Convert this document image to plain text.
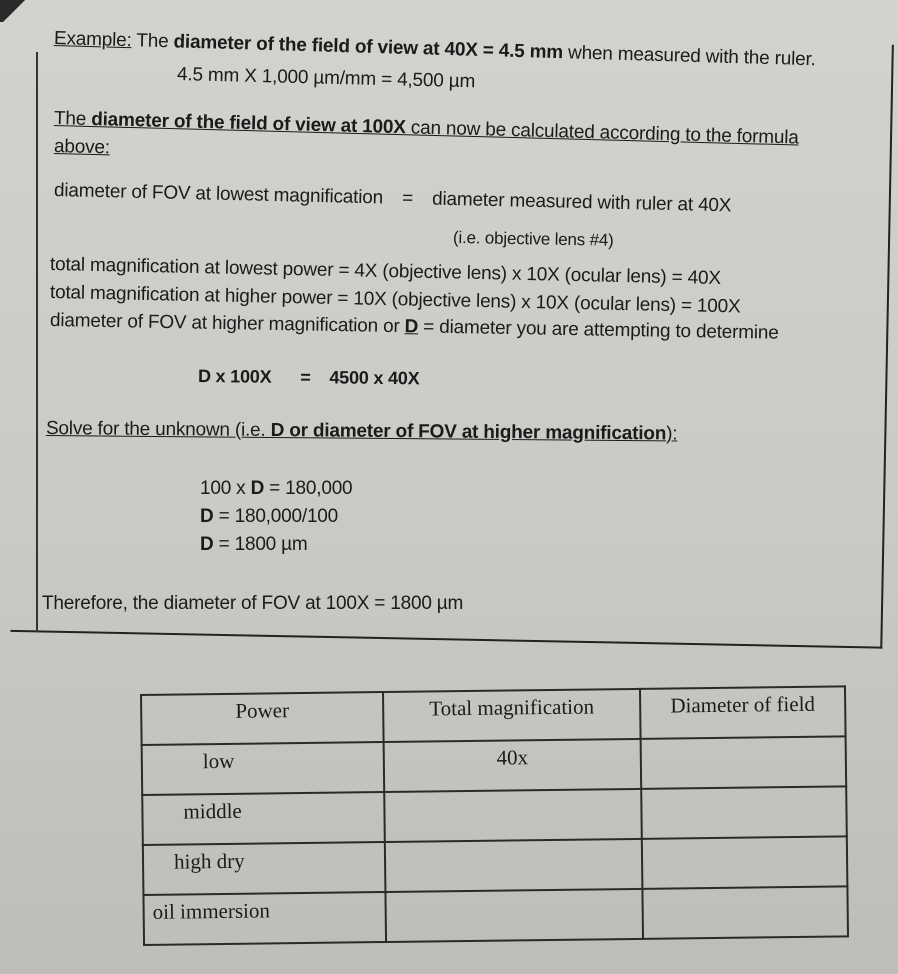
Example: The diameter of the field of view at 40X = 4.5 mm when measured with the ruler.
4.5 mm X 1,000 µm/mm = 4,500 µm
The diameter of the field of view at 100X can now be calculated according to the formula
above:
diameter of FOV at lowest magnification = diameter measured with ruler at 40X
(i.e. objective lens #4)
total magnification at lowest power = 4X (objective lens) x 10X (ocular lens) = 40X
total magnification at higher power = 10X (objective lens) x 10X (ocular lens) = 100X
diameter of FOV at higher magnification or D = diameter you are attempting to determine
D x 100X = 4500 x 40X
Solve for the unknown (i.e. D or diameter of FOV at higher magnification):
100 x D = 180,000
D = 180,000/100
D = 1800 µm
Therefore, the diameter of FOV at 100X = 1800 µm
Power	Total magnification	Diameter of field
low	40x	
middle		
high dry		
oil immersion		
